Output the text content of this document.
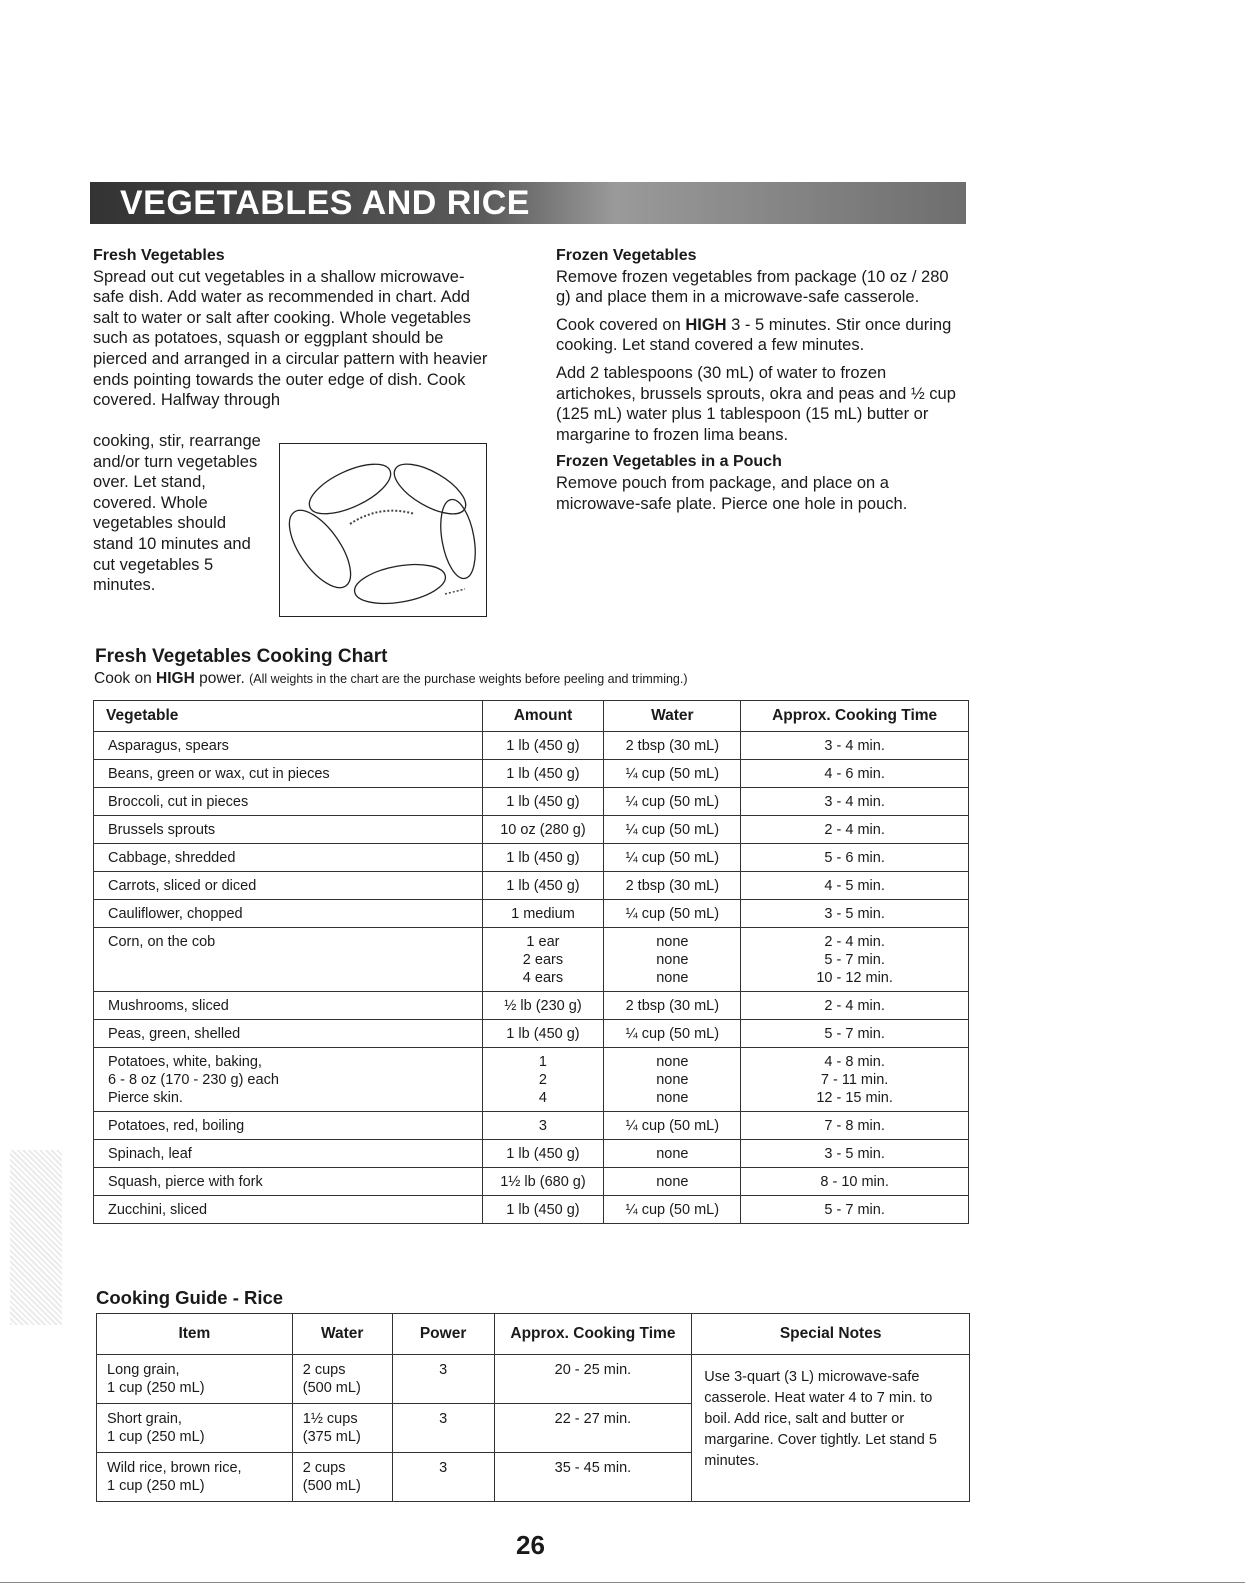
VEGETABLES AND RICE

Fresh Vegetables

Spread out cut vegetables in a shallow microwave-safe dish. Add water as recommended in chart. Add salt to water or salt after cooking. Whole vegetables such as potatoes, squash or eggplant should be pierced and arranged in a circular pattern with heavier ends pointing towards the outer edge of dish. Cook covered. Halfway through

cooking, stir, rearrange and/or turn vegetables over. Let stand, covered. Whole vegetables should stand 10 minutes and cut vegetables 5 minutes.

Frozen Vegetables

Remove frozen vegetables from package (10 oz / 280 g) and place them in a microwave-safe casserole.

Cook covered on HIGH 3 - 5 minutes. Stir once during cooking. Let stand covered a few minutes.

Add 2 tablespoons (30 mL) of water to frozen artichokes, brussels sprouts, okra and peas and ½ cup (125 mL) water plus 1 tablespoon (15 mL) butter or margarine to frozen lima beans.

Frozen Vegetables in a Pouch

Remove pouch from package, and place on a microwave-safe plate. Pierce one hole in pouch.

Fresh Vegetables Cooking Chart
Cook on HIGH power. (All weights in the chart are the purchase weights before peeling and trimming.)
Vegetable	Amount	Water	Approx. Cooking Time
Asparagus, spears	1 lb (450 g)	2 tbsp (30 mL)	3 - 4 min.
Beans, green or wax, cut in pieces	1 lb (450 g)	¼ cup (50 mL)	4 - 6 min.
Broccoli, cut in pieces	1 lb (450 g)	¼ cup (50 mL)	3 - 4 min.
Brussels sprouts	10 oz (280 g)	¼ cup (50 mL)	2 - 4 min.
Cabbage, shredded	1 lb (450 g)	¼ cup (50 mL)	5 - 6 min.
Carrots, sliced or diced	1 lb (450 g)	2 tbsp (30 mL)	4 - 5 min.
Cauliflower, chopped	1 medium	¼ cup (50 mL)	3 - 5 min.
Corn, on the cob	1 ear
2 ears
4 ears	none
none
none	2 - 4 min.
5 - 7 min.
10 - 12 min.
Mushrooms, sliced	½ lb (230 g)	2 tbsp (30 mL)	2 - 4 min.
Peas, green, shelled	1 lb (450 g)	¼ cup (50 mL)	5 - 7 min.
Potatoes, white, baking,
6 - 8 oz (170 - 230 g) each
Pierce skin.	1
2
4	none
none
none	4 - 8 min.
7 - 11 min.
12 - 15 min.
Potatoes, red, boiling	3	¼ cup (50 mL)	7 - 8 min.
Spinach, leaf	1 lb (450 g)	none	3 - 5 min.
Squash, pierce with fork	1½ lb (680 g)	none	8 - 10 min.
Zucchini, sliced	1 lb (450 g)	¼ cup (50 mL)	5 - 7 min.
Cooking Guide - Rice
Item	Water	Power	Approx. Cooking Time	Special Notes
Long grain,
1 cup (250 mL)	2 cups
(500 mL)	3	20 - 25 min.	Use 3-quart (3 L) microwave-safe casserole. Heat water 4 to 7 min. to boil. Add rice, salt and butter or margarine. Cover tightly. Let stand 5 minutes.
Short grain,
1 cup (250 mL)	1½ cups
(375 mL)	3	22 - 27 min.	
Wild rice, brown rice,
1 cup (250 mL)	2 cups
(500 mL)	3	35 - 45 min.	
26
